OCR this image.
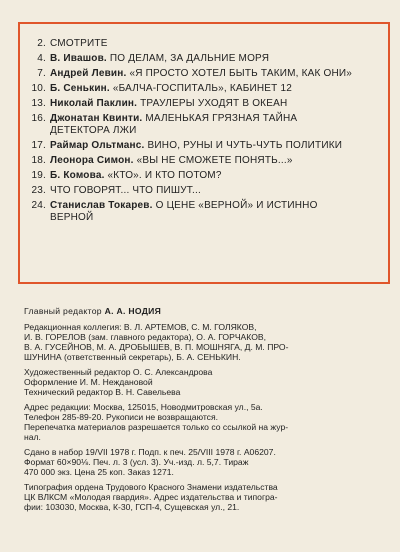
2. СМОТРИТЕ
4. В. Ивашов. ПО ДЕЛАМ, ЗА ДАЛЬНИЕ МОРЯ
7. Андрей Левин. «Я ПРОСТО ХОТЕЛ БЫТЬ ТАКИМ, КАК ОНИ»
10. Б. Сенькин. «БАЛЧА-ГОСПИТАЛЬ», КАБИНЕТ 12
13. Николай Паклин. ТРАУЛЕРЫ УХОДЯТ В ОКЕАН
16. Джонатан Квинти. МАЛЕНЬКАЯ ГРЯЗНАЯ ТАЙНА ДЕТЕКТОРА ЛЖИ
17. Раймар Ольтманс. ВИНО, РУНЫ И ЧУТЬ-ЧУТЬ ПОЛИТИКИ
18. Леонора Симон. «ВЫ НЕ СМОЖЕТЕ ПОНЯТЬ...»
19. Б. Комова. «КТО». И КТО ПОТОМ?
23. ЧТО ГОВОРЯТ... ЧТО ПИШУТ...
24. Станислав Токарев. О ЦЕНЕ «ВЕРНОЙ» И ИСТИННО ВЕРНОЙ
Главный редактор А. А. НОДИЯ
Редакционная коллегия: В. Л. АРТЕМОВ, С. М. ГОЛЯКОВ,
И. В. ГОРЕЛОВ (зам. главного редактора), О. А. ГОРЧАКОВ,
В. А. ГУСЕЙНОВ, М. А. ДРОБЫШЕВ, В. П. МОШНЯГА, Д. М. ПРО-
ШУНИНА (ответственный секретарь), Б. А. СЕНЬКИН.
Художественный редактор О. С. Александрова
Оформление И. М. Неждановой
Технический редактор В. Н. Савельева
Адрес редакции: Москва, 125015, Новодмитровская ул., 5а.
Телефон 285-89-20. Рукописи не возвращаются.
Перепечатка материалов разрешается только со ссылкой на жур-
нал.
Сдано в набор 19/VII 1978 г. Подп. к печ. 25/VIII 1978 г. А06207.
Формат 60×90⅛. Печ. л. 3 (усл. 3). Уч.-изд. л. 5,7. Тираж
470 000 экз. Цена 25 коп. Заказ 1271.
Типография ордена Трудового Красного Знамени издательства
ЦК ВЛКСМ «Молодая гвардия». Адрес издательства и типогра-
фии: 103030, Москва, К-30, ГСП-4, Сущевская ул., 21.
